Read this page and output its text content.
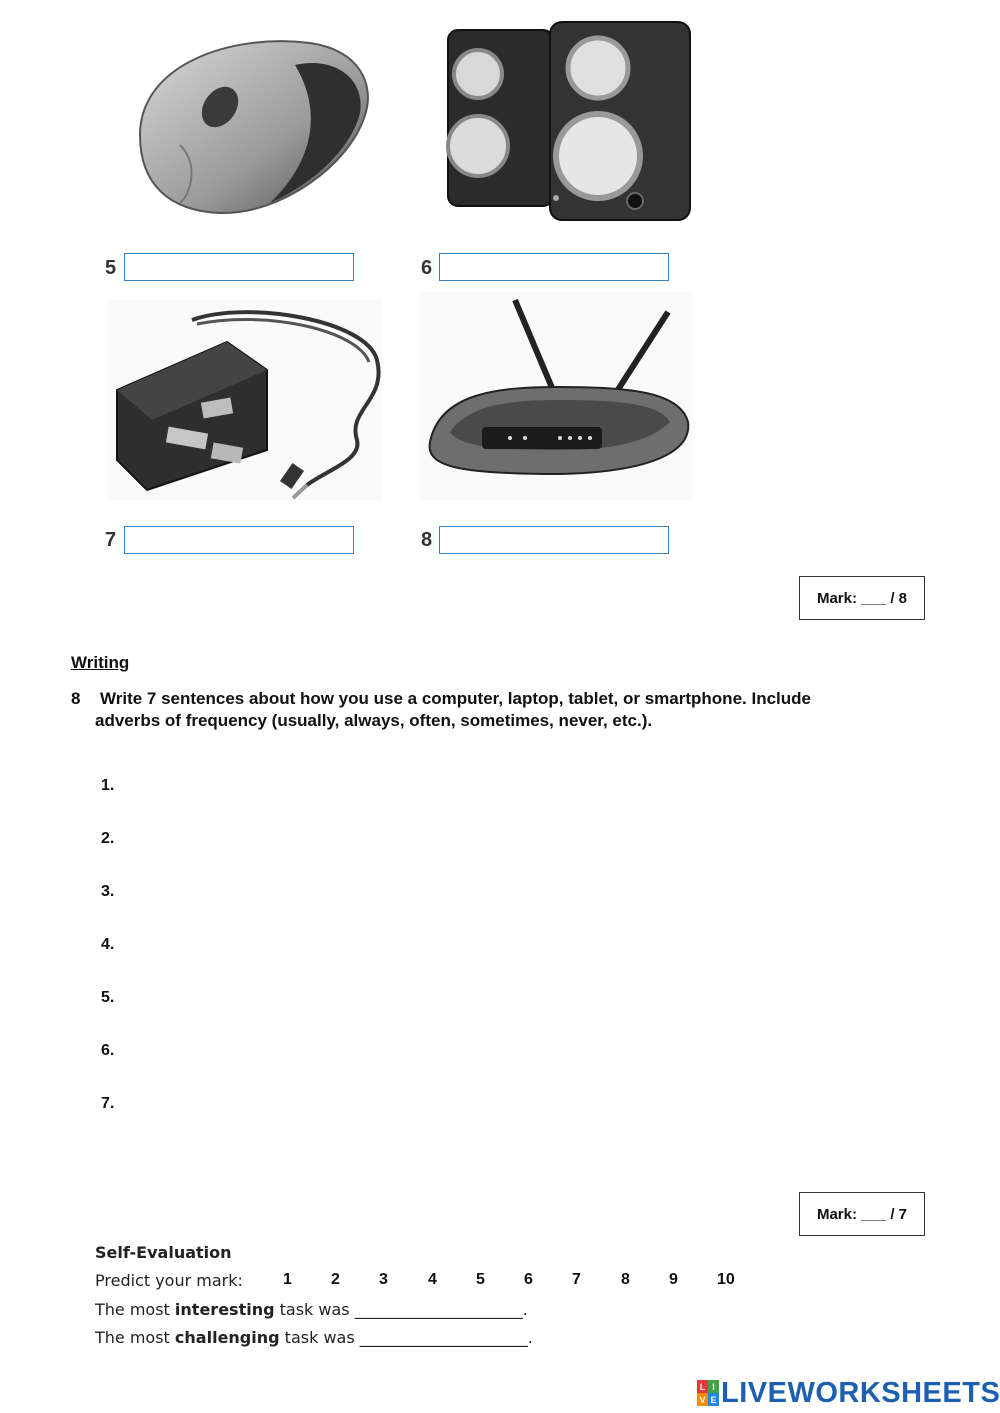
5	6
7	8
Mark: ___ / 8
Writing
8 Write 7 sentences about how you use a computer, laptop, tablet, or smartphone. Include
adverbs of frequency (usually, always, often, sometimes, never, etc.).
1.
2.
3.
4.
5.
6.
7.
Mark: ___ / 7
Self-Evaluation
Predict your mark:	1 2 3	4 5 6 7	8 9 10
The most interesting task was _____________________.
The most challenging task was _____________________.
L I
V E LIVEWORKSHEETS
